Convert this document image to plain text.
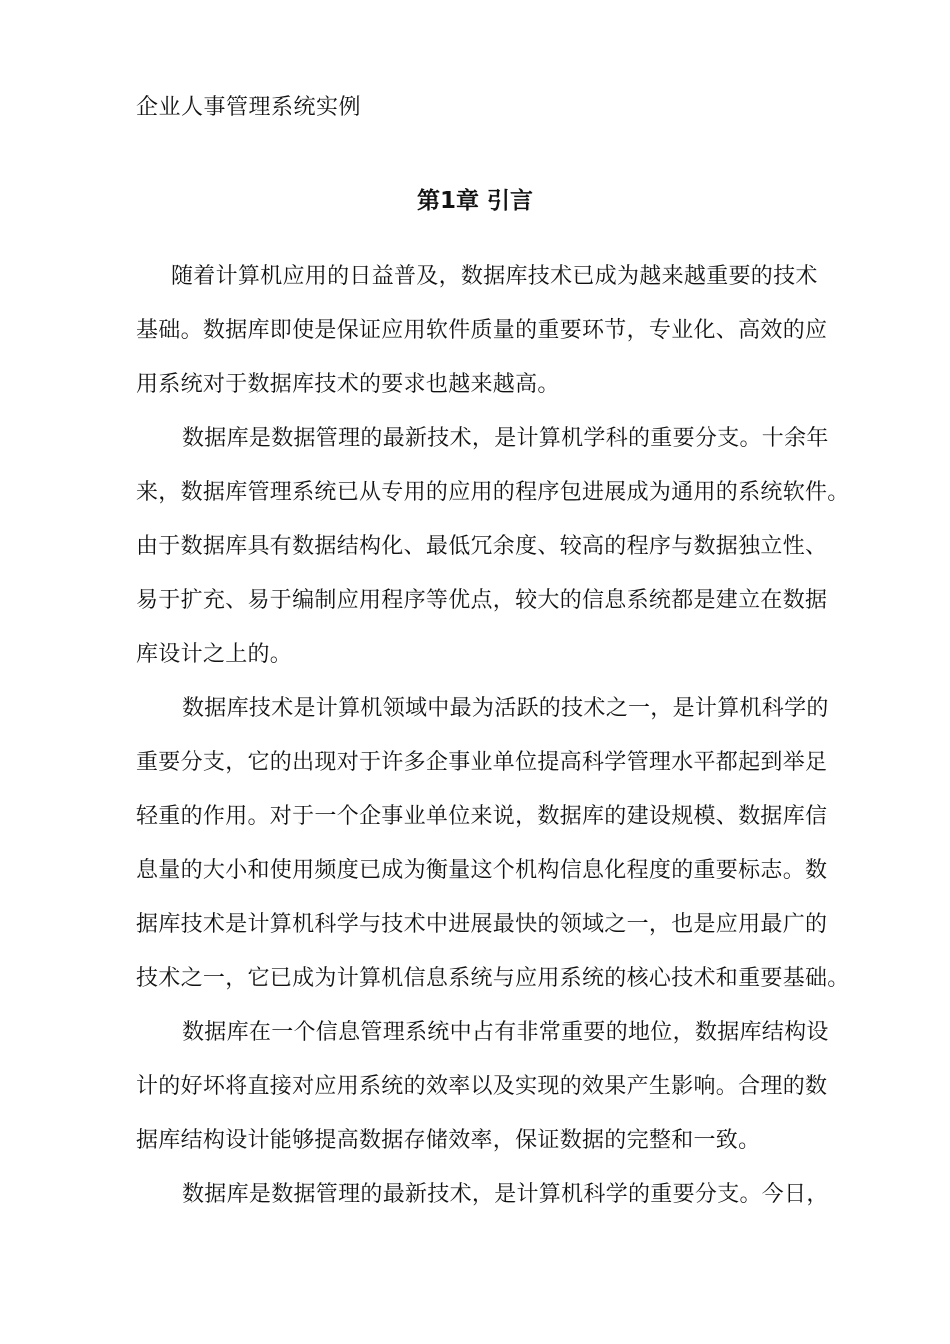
企业人事管理系统实例
第1章 引言
随着计算机应用的日益普及，数据库技术已成为越来越重要的技术
基础。数据库即使是保证应用软件质量的重要环节，专业化、高效的应
用系统对于数据库技术的要求也越来越高。
数据库是数据管理的最新技术，是计算机学科的重要分支。十余年
来，数据库管理系统已从专用的应用的程序包进展成为通用的系统软件。
由于数据库具有数据结构化、最低冗余度、较高的程序与数据独立性、
易于扩充、易于编制应用程序等优点，较大的信息系统都是建立在数据
库设计之上的。
数据库技术是计算机领域中最为活跃的技术之一，是计算机科学的
重要分支，它的出现对于许多企事业单位提高科学管理水平都起到举足
轻重的作用。对于一个企事业单位来说，数据库的建设规模、数据库信
息量的大小和使用频度已成为衡量这个机构信息化程度的重要标志。数
据库技术是计算机科学与技术中进展最快的领域之一，也是应用最广的
技术之一，它已成为计算机信息系统与应用系统的核心技术和重要基础。
数据库在一个信息管理系统中占有非常重要的地位，数据库结构设
计的好坏将直接对应用系统的效率以及实现的效果产生影响。合理的数
据库结构设计能够提高数据存储效率，保证数据的完整和一致。
数据库是数据管理的最新技术，是计算机科学的重要分支。今日，
